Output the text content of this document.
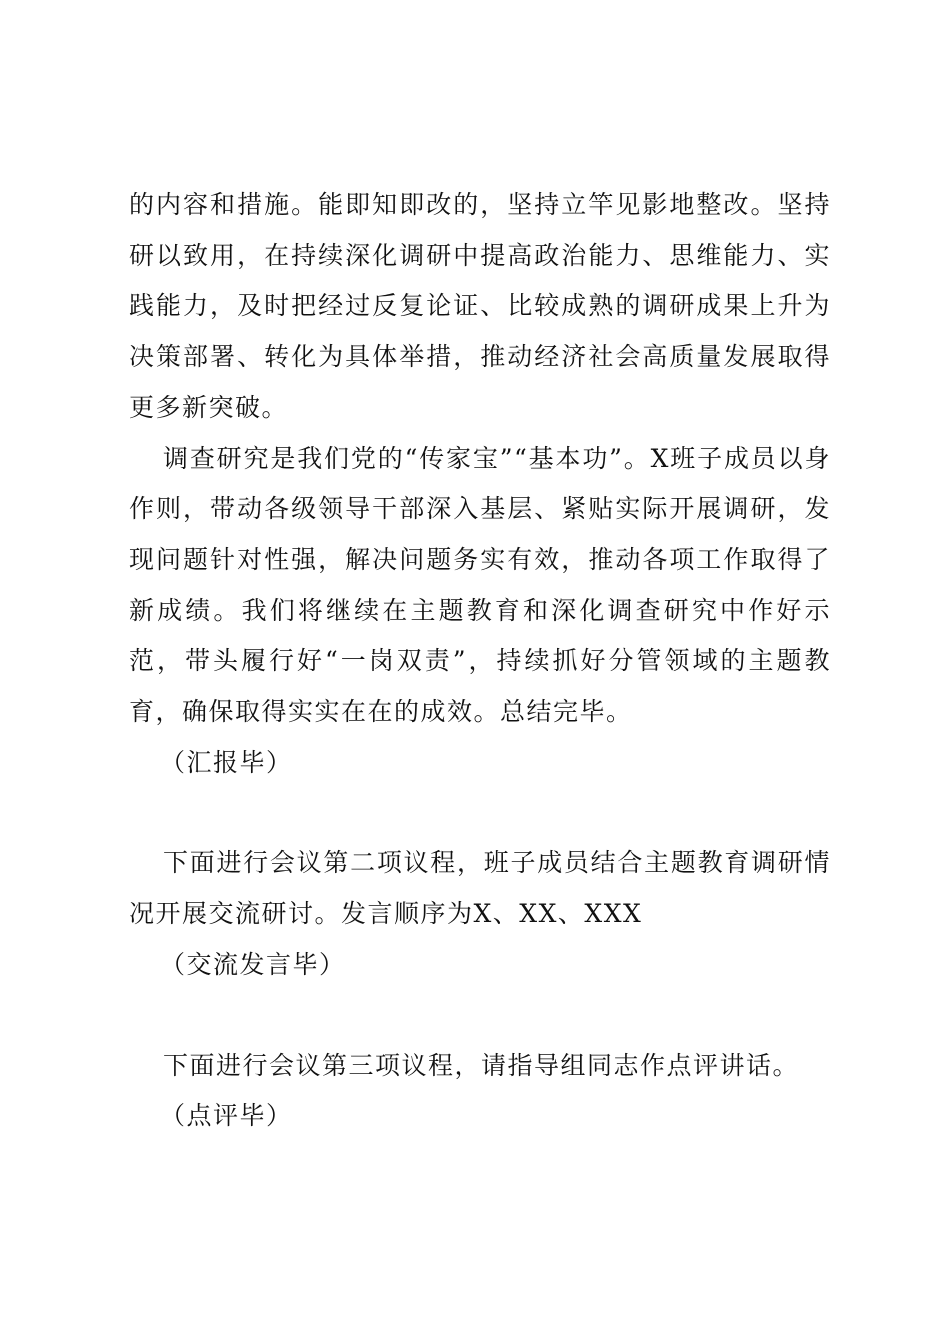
的内容和措施。能即知即改的，坚持立竿见影地整改。坚持研以致用，在持续深化调研中提高政治能力、思维能力、实践能力，及时把经过反复论证、比较成熟的调研成果上升为决策部署、转化为具体举措，推动经济社会高质量发展取得更多新突破。

调查研究是我们党的“传家宝”“基本功”。X班子成员以身作则，带动各级领导干部深入基层、紧贴实际开展调研，发现问题针对性强，解决问题务实有效，推动各项工作取得了新成绩。我们将继续在主题教育和深化调查研究中作好示范，带头履行好“一岗双责”，持续抓好分管领域的主题教育，确保取得实实在在的成效。总结完毕。

（汇报毕）

下面进行会议第二项议程，班子成员结合主题教育调研情况开展交流研讨。发言顺序为X、XX、XXX

（交流发言毕）

下面进行会议第三项议程，请指导组同志作点评讲话。

（点评毕）
